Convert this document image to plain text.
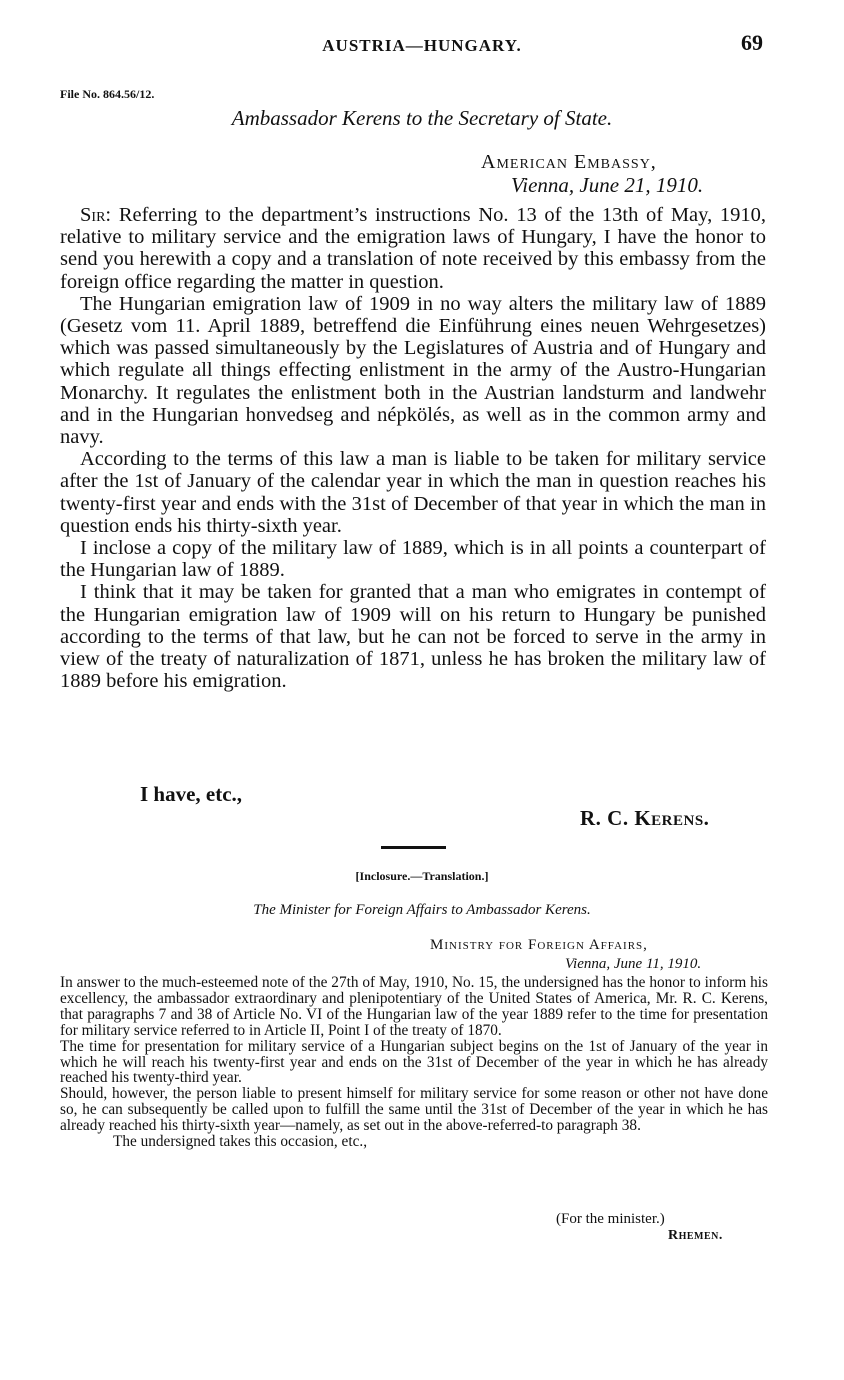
AUSTRIA—HUNGARY.	69
File No. 864.56/12.
Ambassador Kerens to the Secretary of State.
American Embassy,
Vienna, June 21, 1910.

Sir: Referring to the department’s instructions No. 13 of the 13th of May, 1910, relative to military service and the emigration laws of Hungary, I have the honor to send you herewith a copy and a translation of note received by this embassy from the foreign office regarding the matter in question.

The Hungarian emigration law of 1909 in no way alters the military law of 1889 (Gesetz vom 11. April 1889, betreffend die Einführung eines neuen Wehrgesetzes) which was passed simultaneously by the Legislatures of Austria and of Hungary and which regulate all things effecting enlistment in the army of the Austro-Hungarian Monarchy. It regulates the enlistment both in the Austrian landsturm and landwehr and in the Hungarian honvedseg and népkölés, as well as in the common army and navy.

According to the terms of this law a man is liable to be taken for military service after the 1st of January of the calendar year in which the man in question reaches his twenty-first year and ends with the 31st of December of that year in which the man in question ends his thirty-sixth year.

I inclose a copy of the military law of 1889, which is in all points a counterpart of the Hungarian law of 1889.

I think that it may be taken for granted that a man who emigrates in contempt of the Hungarian emigration law of 1909 will on his return to Hungary be punished according to the terms of that law, but he can not be forced to serve in the army in view of the treaty of naturalization of 1871, unless he has broken the military law of 1889 before his emigration.

I have, etc.,
R. C. Kerens.
[Inclosure.—Translation.]
The Minister for Foreign Affairs to Ambassador Kerens.
Ministry for Foreign Affairs,
Vienna, June 11, 1910.

In answer to the much-esteemed note of the 27th of May, 1910, No. 15, the undersigned has the honor to inform his excellency, the ambassador extraordinary and plenipotentiary of the United States of America, Mr. R. C. Kerens, that paragraphs 7 and 38 of Article No. VI of the Hungarian law of the year 1889 refer to the time for presentation for military service referred to in Article II, Point I of the treaty of 1870.

The time for presentation for military service of a Hungarian subject begins on the 1st of January of the year in which he will reach his twenty-first year and ends on the 31st of December of the year in which he has already reached his twenty-third year.

Should, however, the person liable to present himself for military service for some reason or other not have done so, he can subsequently be called upon to fulfill the same until the 31st of December of the year in which he has already reached his thirty-sixth year—namely, as set out in the above-referred-to paragraph 38.

The undersigned takes this occasion, etc.,

(For the minister.)
Rhemen.
